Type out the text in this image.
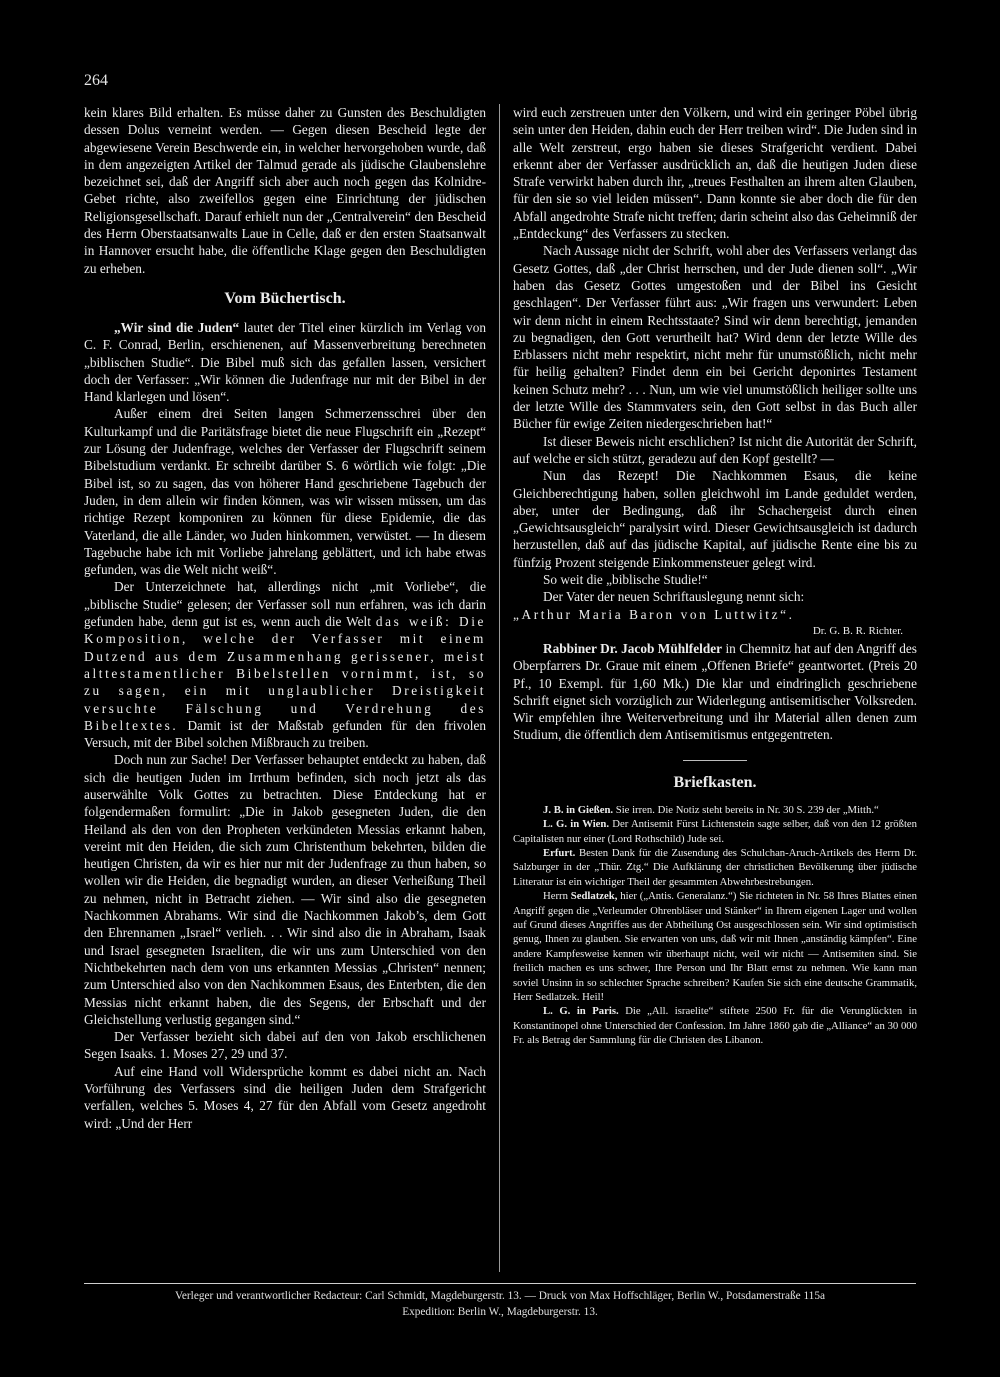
264

kein klares Bild erhalten. Es müsse daher zu Gunsten des Beschuldigten dessen Dolus verneint werden. — Gegen diesen Bescheid legte der abgewiesene Verein Beschwerde ein, in welcher hervorgehoben wurde, daß in dem angezeigten Artikel der Talmud gerade als jüdische Glaubenslehre bezeichnet sei, daß der Angriff sich aber auch noch gegen das Kolnidre-Gebet richte, also zweifellos gegen eine Einrichtung der jüdischen Religionsgesellschaft. Darauf erhielt nun der „Centralverein“ den Bescheid des Herrn Oberstaatsanwalts Laue in Celle, daß er den ersten Staatsanwalt in Hannover ersucht habe, die öffentliche Klage gegen den Beschuldigten zu erheben.

Vom Büchertisch.

„Wir sind die Juden“ lautet der Titel einer kürzlich im Verlag von C. F. Conrad, Berlin, erschienenen, auf Massenverbreitung berechneten „biblischen Studie“. Die Bibel muß sich das gefallen lassen, versichert doch der Verfasser: „Wir können die Judenfrage nur mit der Bibel in der Hand klarlegen und lösen“.

Außer einem drei Seiten langen Schmerzensschrei über den Kulturkampf und die Paritätsfrage bietet die neue Flugschrift ein „Rezept“ zur Lösung der Judenfrage, welches der Verfasser der Flugschrift seinem Bibelstudium verdankt. Er schreibt darüber S. 6 wörtlich wie folgt: „Die Bibel ist, so zu sagen, das von höherer Hand geschriebene Tagebuch der Juden, in dem allein wir finden können, was wir wissen müssen, um das richtige Rezept komponiren zu können für diese Epidemie, die das Vaterland, die alle Länder, wo Juden hinkommen, verwüstet. — In diesem Tagebuche habe ich mit Vorliebe jahrelang geblättert, und ich habe etwas gefunden, was die Welt nicht weiß“.

Der Unterzeichnete hat, allerdings nicht „mit Vorliebe“, die „biblische Studie“ gelesen; der Verfasser soll nun erfahren, was ich darin gefunden habe, denn gut ist es, wenn auch die Welt das weiß: Die Komposition, welche der Verfasser mit einem Dutzend aus dem Zusammenhang gerissener, meist alttestamentlicher Bibelstellen vornimmt, ist, so zu sagen, ein mit unglaublicher Dreistigkeit versuchte Fälschung und Verdrehung des Bibeltextes. Damit ist der Maßstab gefunden für den frivolen Versuch, mit der Bibel solchen Mißbrauch zu treiben.

Doch nun zur Sache! Der Verfasser behauptet entdeckt zu haben, daß sich die heutigen Juden im Irrthum befinden, sich noch jetzt als das auserwählte Volk Gottes zu betrachten. Diese Entdeckung hat er folgendermaßen formulirt: „Die in Jakob gesegneten Juden, die den Heiland als den von den Propheten verkündeten Messias erkannt haben, vereint mit den Heiden, die sich zum Christenthum bekehrten, bilden die heutigen Christen, da wir es hier nur mit der Judenfrage zu thun haben, so wollen wir die Heiden, die begnadigt wurden, an dieser Verheißung Theil zu nehmen, nicht in Betracht ziehen. — Wir sind also die gesegneten Nachkommen Abrahams. Wir sind die Nachkommen Jakob’s, dem Gott den Ehrennamen „Israel“ verlieh. . . Wir sind also die in Abraham, Isaak und Israel gesegneten Israeliten, die wir uns zum Unterschied von den Nichtbekehrten nach dem von uns erkannten Messias „Christen“ nennen; zum Unterschied also von den Nachkommen Esaus, des Enterbten, die den Messias nicht erkannt haben, die des Segens, der Erbschaft und der Gleichstellung verlustig gegangen sind.“

Der Verfasser bezieht sich dabei auf den von Jakob erschlichenen Segen Isaaks. 1. Moses 27, 29 und 37.

Auf eine Hand voll Widersprüche kommt es dabei nicht an. Nach Vorführung des Verfassers sind die heiligen Juden dem Strafgericht verfallen, welches 5. Moses 4, 27 für den Abfall vom Gesetz angedroht wird: „Und der Herr

wird euch zerstreuen unter den Völkern, und wird ein geringer Pöbel übrig sein unter den Heiden, dahin euch der Herr treiben wird“. Die Juden sind in alle Welt zerstreut, ergo haben sie dieses Strafgericht verdient. Dabei erkennt aber der Verfasser ausdrücklich an, daß die heutigen Juden diese Strafe verwirkt haben durch ihr, „treues Festhalten an ihrem alten Glauben, für den sie so viel leiden müssen“. Dann konnte sie aber doch die für den Abfall angedrohte Strafe nicht treffen; darin scheint also das Geheimniß der „Entdeckung“ des Verfassers zu stecken.

Nach Aussage nicht der Schrift, wohl aber des Verfassers verlangt das Gesetz Gottes, daß „der Christ herrschen, und der Jude dienen soll“. „Wir haben das Gesetz Gottes umgestoßen und der Bibel ins Gesicht geschlagen“. Der Verfasser führt aus: „Wir fragen uns verwundert: Leben wir denn nicht in einem Rechtsstaate? Sind wir denn berechtigt, jemanden zu begnadigen, den Gott verurtheilt hat? Wird denn der letzte Wille des Erblassers nicht mehr respektirt, nicht mehr für unumstößlich, nicht mehr für heilig gehalten? Findet denn ein bei Gericht deponirtes Testament keinen Schutz mehr? . . . Nun, um wie viel unumstößlich heiliger sollte uns der letzte Wille des Stammvaters sein, den Gott selbst in das Buch aller Bücher für ewige Zeiten niedergeschrieben hat!“

Ist dieser Beweis nicht erschlichen? Ist nicht die Autorität der Schrift, auf welche er sich stützt, geradezu auf den Kopf gestellt? —

Nun das Rezept! Die Nachkommen Esaus, die keine Gleichberechtigung haben, sollen gleichwohl im Lande geduldet werden, aber, unter der Bedingung, daß ihr Schachergeist durch einen „Gewichtsausgleich“ paralysirt wird. Dieser Gewichtsausgleich ist dadurch herzustellen, daß auf das jüdische Kapital, auf jüdische Rente eine bis zu fünfzig Prozent steigende Einkommensteuer gelegt wird.

So weit die „biblische Studie!“

Der Vater der neuen Schriftauslegung nennt sich:

„Arthur Maria Baron von Luttwitz“.

Dr. G. B. R. Richter.

Rabbiner Dr. Jacob Mühlfelder in Chemnitz hat auf den Angriff des Oberpfarrers Dr. Graue mit einem „Offenen Briefe“ geantwortet. (Preis 20 Pf., 10 Exempl. für 1,60 Mk.) Die klar und eindringlich geschriebene Schrift eignet sich vorzüglich zur Widerlegung antisemitischer Volksreden. Wir empfehlen ihre Weiterverbreitung und ihr Material allen denen zum Studium, die öffentlich dem Antisemitismus entgegentreten.

Briefkasten.

J. B. in Gießen. Sie irren. Die Notiz steht bereits in Nr. 30 S. 239 der „Mitth.“

L. G. in Wien. Der Antisemit Fürst Lichtenstein sagte selber, daß von den 12 größten Capitalisten nur einer (Lord Rothschild) Jude sei.

Erfurt. Besten Dank für die Zusendung des Schulchan-Aruch-Artikels des Herrn Dr. Salzburger in der „Thür. Ztg.“ Die Aufklärung der christlichen Bevölkerung über jüdische Litteratur ist ein wichtiger Theil der gesammten Abwehrbestrebungen.

Herrn Sedlatzek, hier („Antis. Generalanz.“) Sie richteten in Nr. 58 Ihres Blattes einen Angriff gegen die „Verleumder Ohrenbläser und Stänker“ in Ihrem eigenen Lager und wollen auf Grund dieses Angriffes aus der Abtheilung Ost ausgeschlossen sein. Wir sind optimistisch genug, Ihnen zu glauben. Sie erwarten von uns, daß wir mit Ihnen „anständig kämpfen“. Eine andere Kampfesweise kennen wir überhaupt nicht, weil wir nicht — Antisemiten sind. Sie freilich machen es uns schwer, Ihre Person und Ihr Blatt ernst zu nehmen. Wie kann man soviel Unsinn in so schlechter Sprache schreiben? Kaufen Sie sich eine deutsche Grammatik, Herr Sedlatzek. Heil!

L. G. in Paris. Die „All. israelite“ stiftete 2500 Fr. für die Verunglückten in Konstantinopel ohne Unterschied der Confession. Im Jahre 1860 gab die „Alliance“ an 30 000 Fr. als Betrag der Sammlung für die Christen des Libanon.

Verleger und verantwortlicher Redacteur: Carl Schmidt, Magdeburgerstr. 13. — Druck von Max Hoffschläger, Berlin W., Potsdamerstraße 115a
Expedition: Berlin W., Magdeburgerstr. 13.
